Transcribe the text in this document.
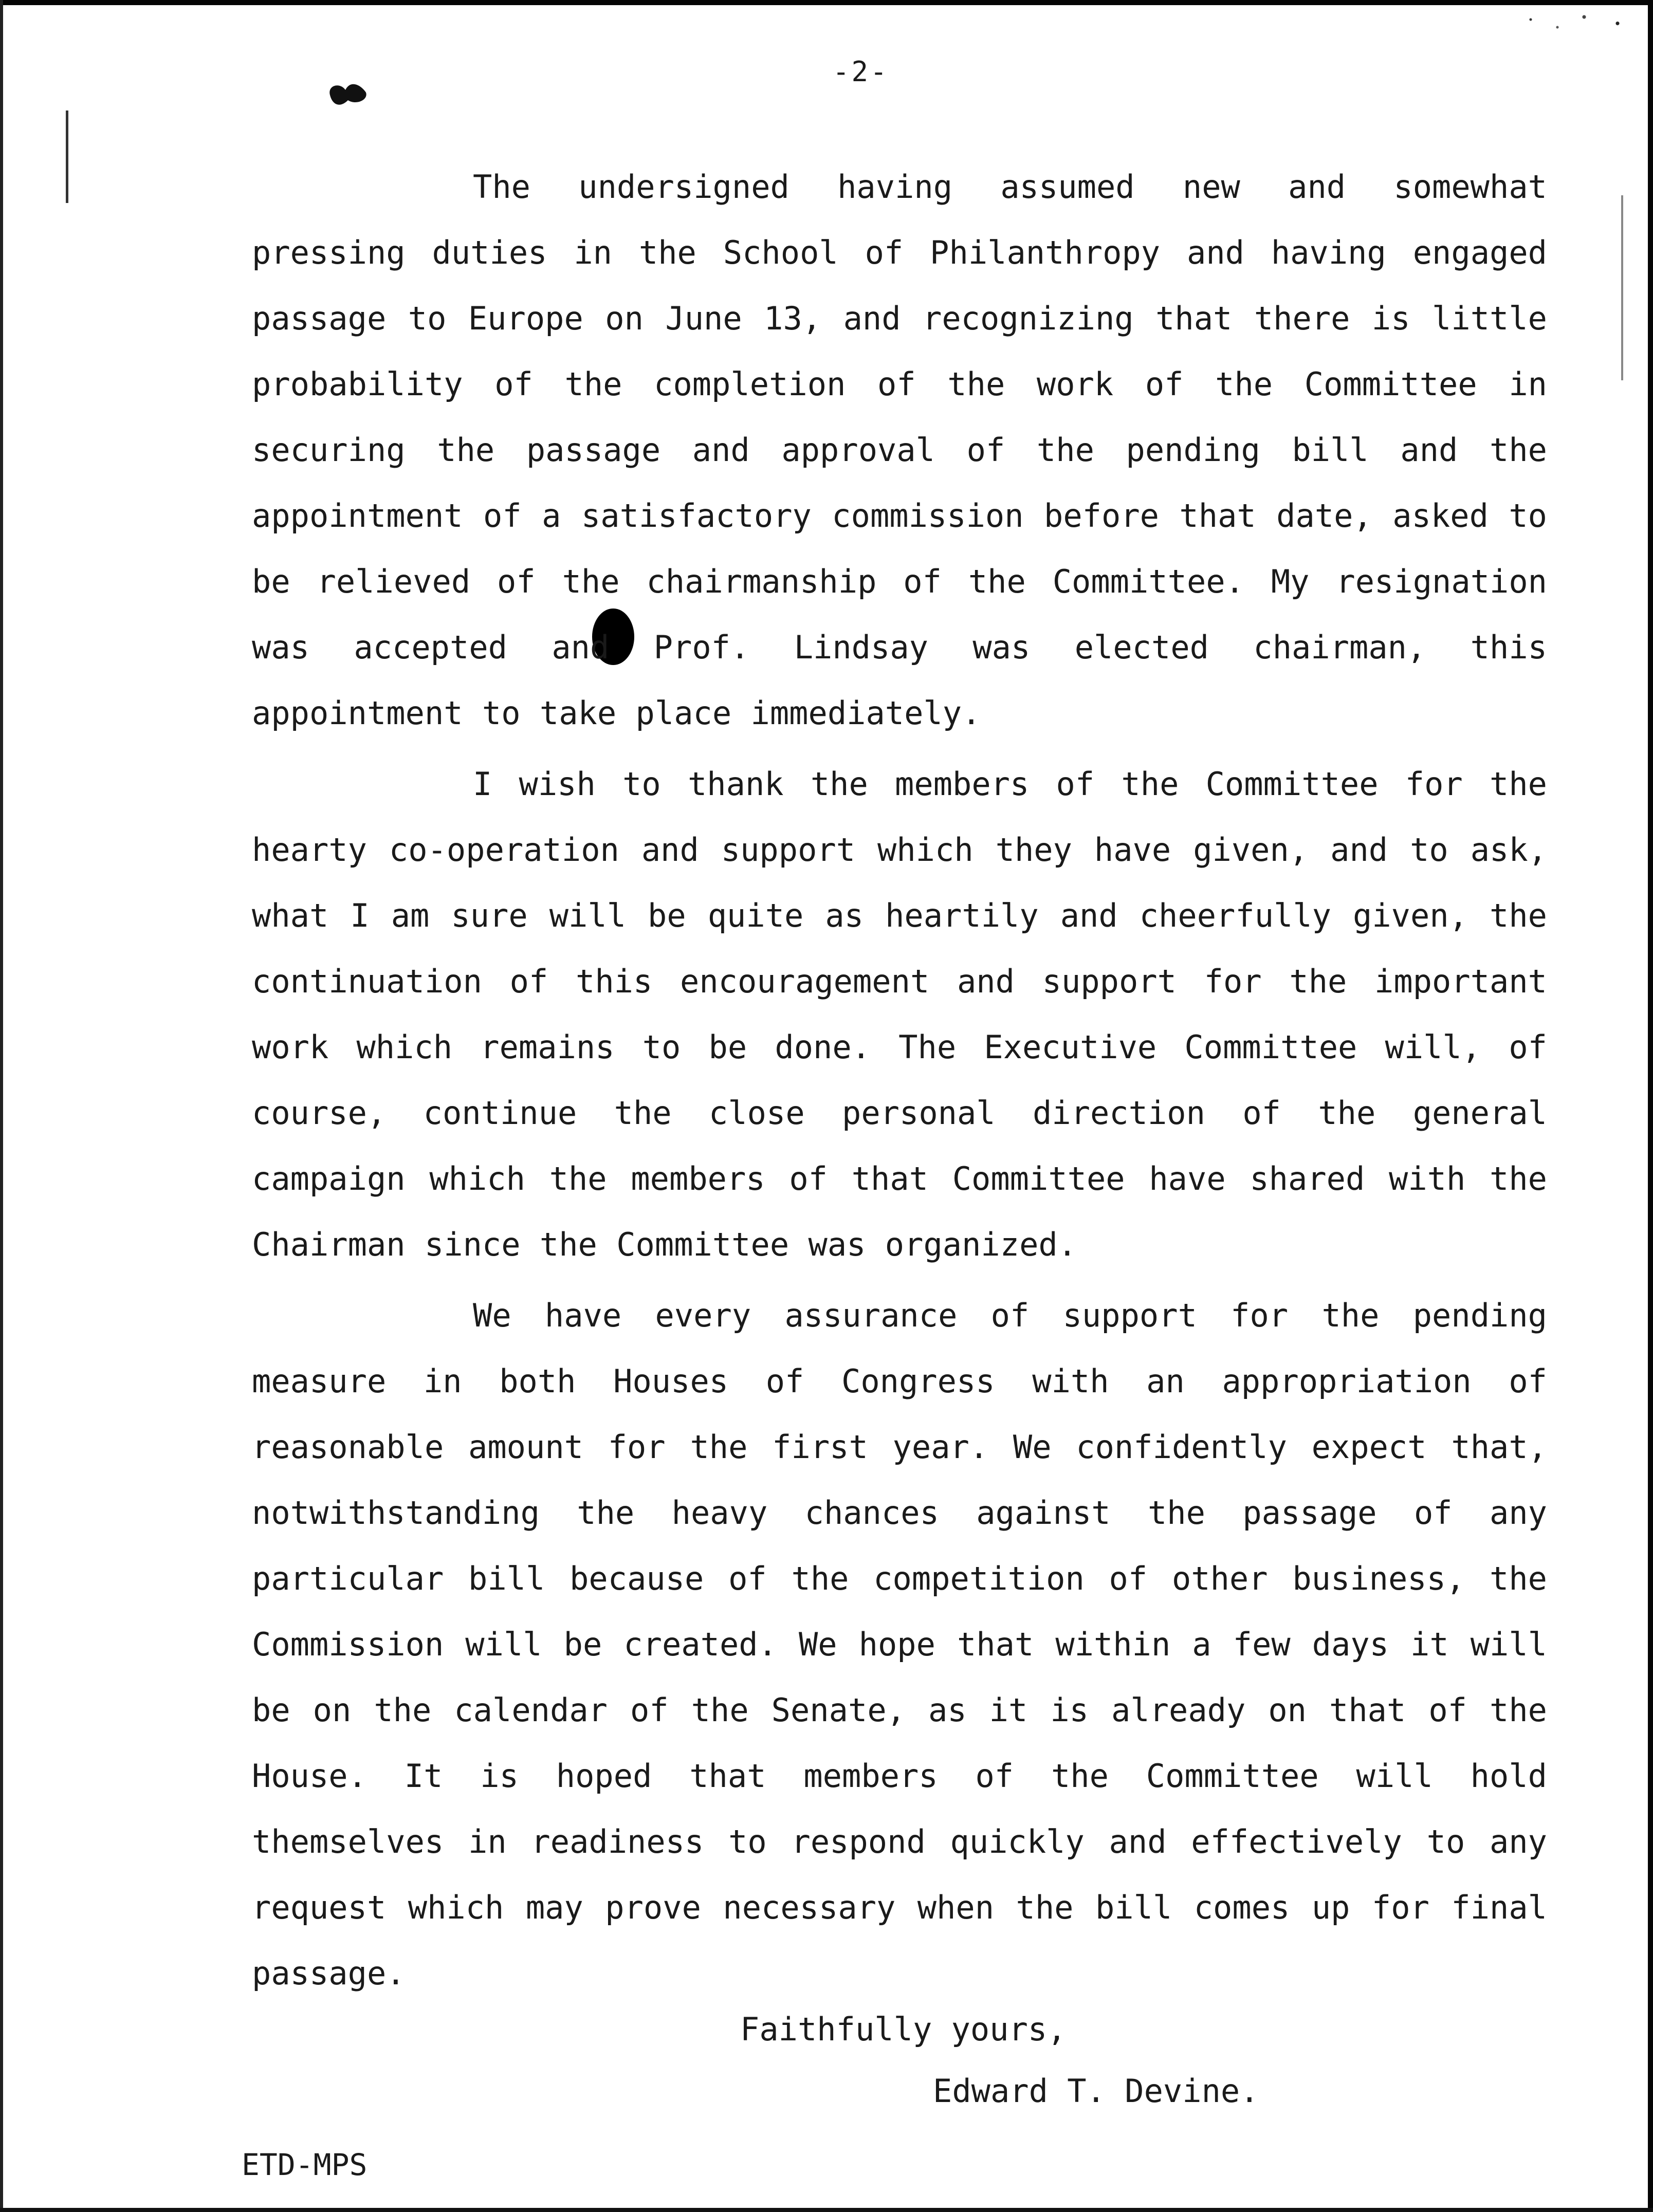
-2-

The undersigned having assumed new and somewhat pressing duties in the School of Philanthropy and having engaged passage to Europe on June 13, and recognizing that there is little probability of the completion of the work of the Committee in securing the passage and approval of the pending bill and the appointment of a satisfactory commission before that date, asked to be relieved of the chairmanship of the Committee. My resignation was accepted and Prof. Lindsay was elected chairman, this appointment to take place immediately.

I wish to thank the members of the Committee for the hearty co-operation and support which they have given, and to ask, what I am sure will be quite as heartily and cheerfully given, the continuation of this encouragement and support for the important work which remains to be done. The Executive Committee will, of course, continue the close personal direction of the general campaign which the members of that Committee have shared with the Chairman since the Committee was organized.

We have every assurance of support for the pending measure in both Houses of Congress with an appropriation of reasonable amount for the first year. We confidently expect that, notwithstanding the heavy chances against the passage of any particular bill because of the competition of other business, the Commission will be created. We hope that within a few days it will be on the calendar of the Senate, as it is already on that of the House. It is hoped that members of the Committee will hold themselves in readiness to respond quickly and effectively to any request which may prove necessary when the bill comes up for final passage.

Faithfully yours,
Edward T. Devine.
ETD-MPS
